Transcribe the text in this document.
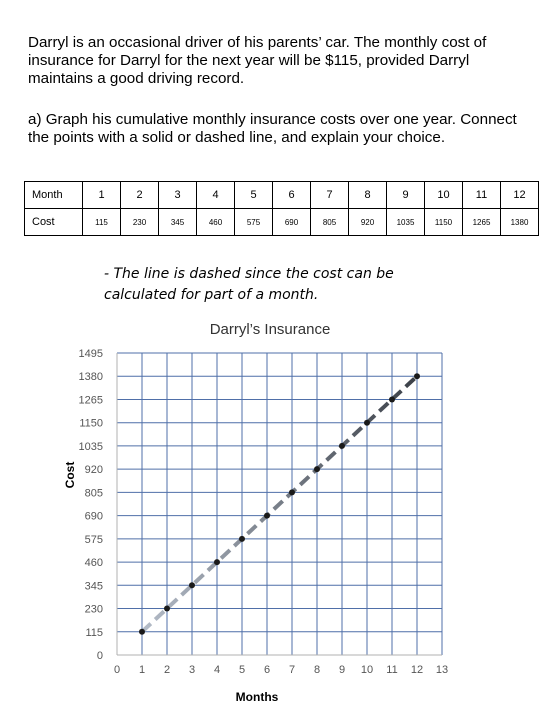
Darryl is an occasional driver of his parents’ car. The monthly cost of insurance for Darryl for the next year will be $115, provided Darryl maintains a good driving record.

a) Graph his cumulative monthly insurance costs over one year. Connect the points with a solid or dashed line, and explain your choice.

Month	1	2	3	4	5	6	7	8	9	10	11	12
Cost	115	230	345	460	575	690	805	920	1035	1150	1265	1380

- The line is dashed since the cost can be calculated for part of a month.

Darryl’s Insurance
0 1 2 3 4 5 6 7 8 9 10 11 12 13
0
115
230
345
460
575
690
805
920
1035
1150
1265
1380
1495
Months
Cost
